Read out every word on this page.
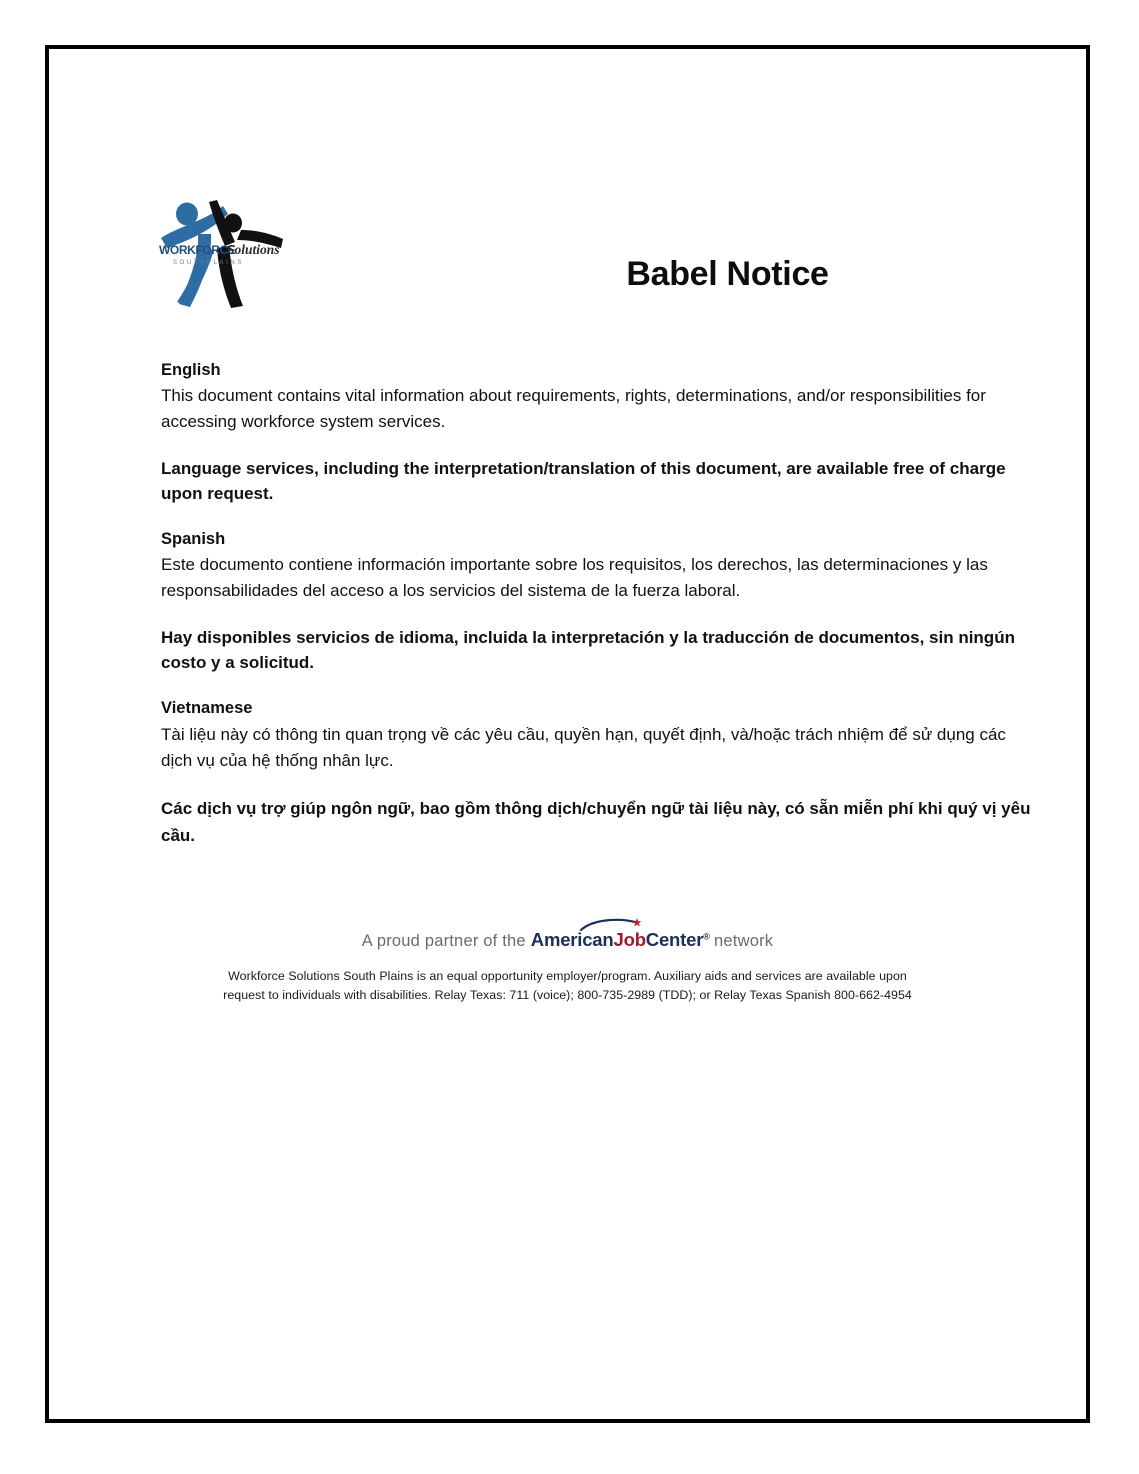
WORKFORCE
Solutions
SOUTHPLAINS	Babel Notice

English

This document contains vital information about requirements, rights, determinations, and/or responsibilities for accessing workforce system services.

Language services, including the interpretation/translation of this document, are available free of charge upon request.

Spanish

Este documento contiene información importante sobre los requisitos, los derechos, las determinaciones y las responsabilidades del acceso a los servicios del sistema de la fuerza laboral.

Hay disponibles servicios de idioma, incluida la interpretación y la traducción de documentos, sin ningún costo y a solicitud.

Vietnamese

Tài liệu này có thông tin quan trọng về các yêu cầu, quyền hạn, quyết định, và/hoặc trách nhiệm để sử dụng các dịch vụ của hệ thống nhân lực.

Các dịch vụ trợ giúp ngôn ngữ, bao gồm thông dịch/chuyển ngữ tài liệu này, có sẵn miễn phí khi quý vị yêu cầu.

A proud partner of the AmericanJobCenter® network
Workforce Solutions South Plains is an equal opportunity employer/program. Auxiliary aids and services are available upon
request to individuals with disabilities. Relay Texas: 711 (voice); 800-735-2989 (TDD); or Relay Texas Spanish 800-662-4954
